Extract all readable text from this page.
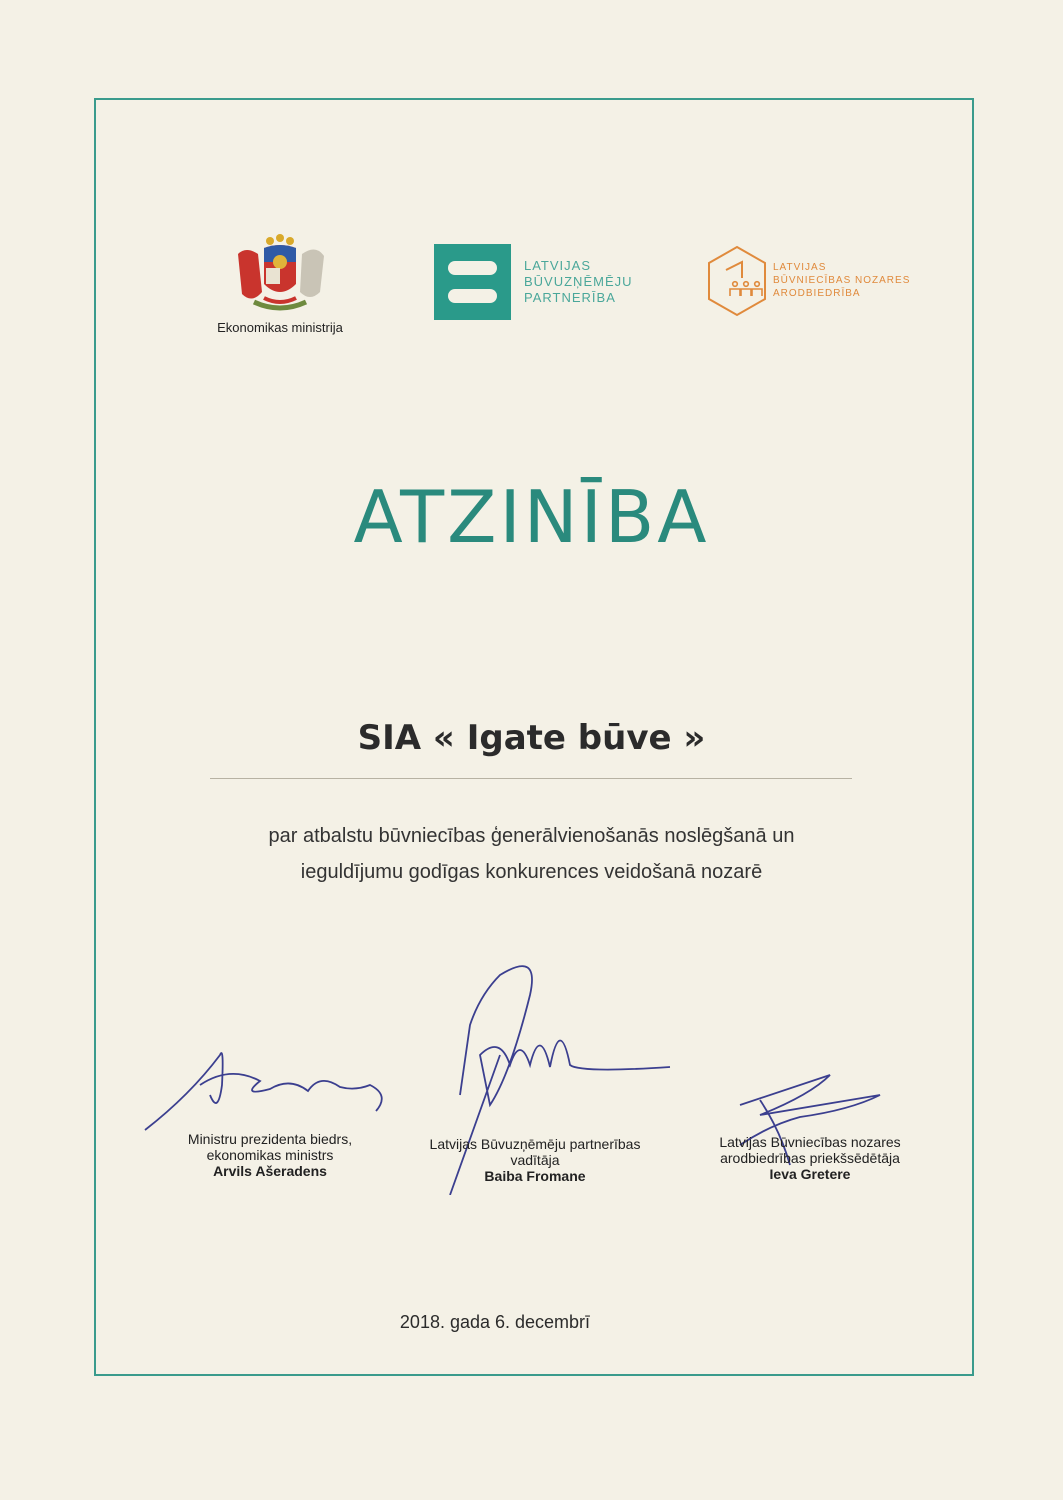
Ekonomikas ministrija
LATVIJAS
BŪVUZŅĒMĒJU
PARTNERĪBA
LATVIJAS
BŪVNIECĪBAS NOZARES
ARODBIEDRĪBA
ATZINĪBA
SIA « Igate būve »
par atbalstu būvniecības ģenerālvienošanās noslēgšanā un
ieguldījumu godīgas konkurences veidošanā nozarē
Ministru prezidenta biedrs,
ekonomikas ministrs
Arvils Ašeradens
Latvijas Būvuzņēmēju partnerības
vadītāja
Baiba Fromane
Latvijas Būvniecības nozares
arodbiedrības priekšsēdētāja
Ieva Gretere
2018. gada 6. decembrī
